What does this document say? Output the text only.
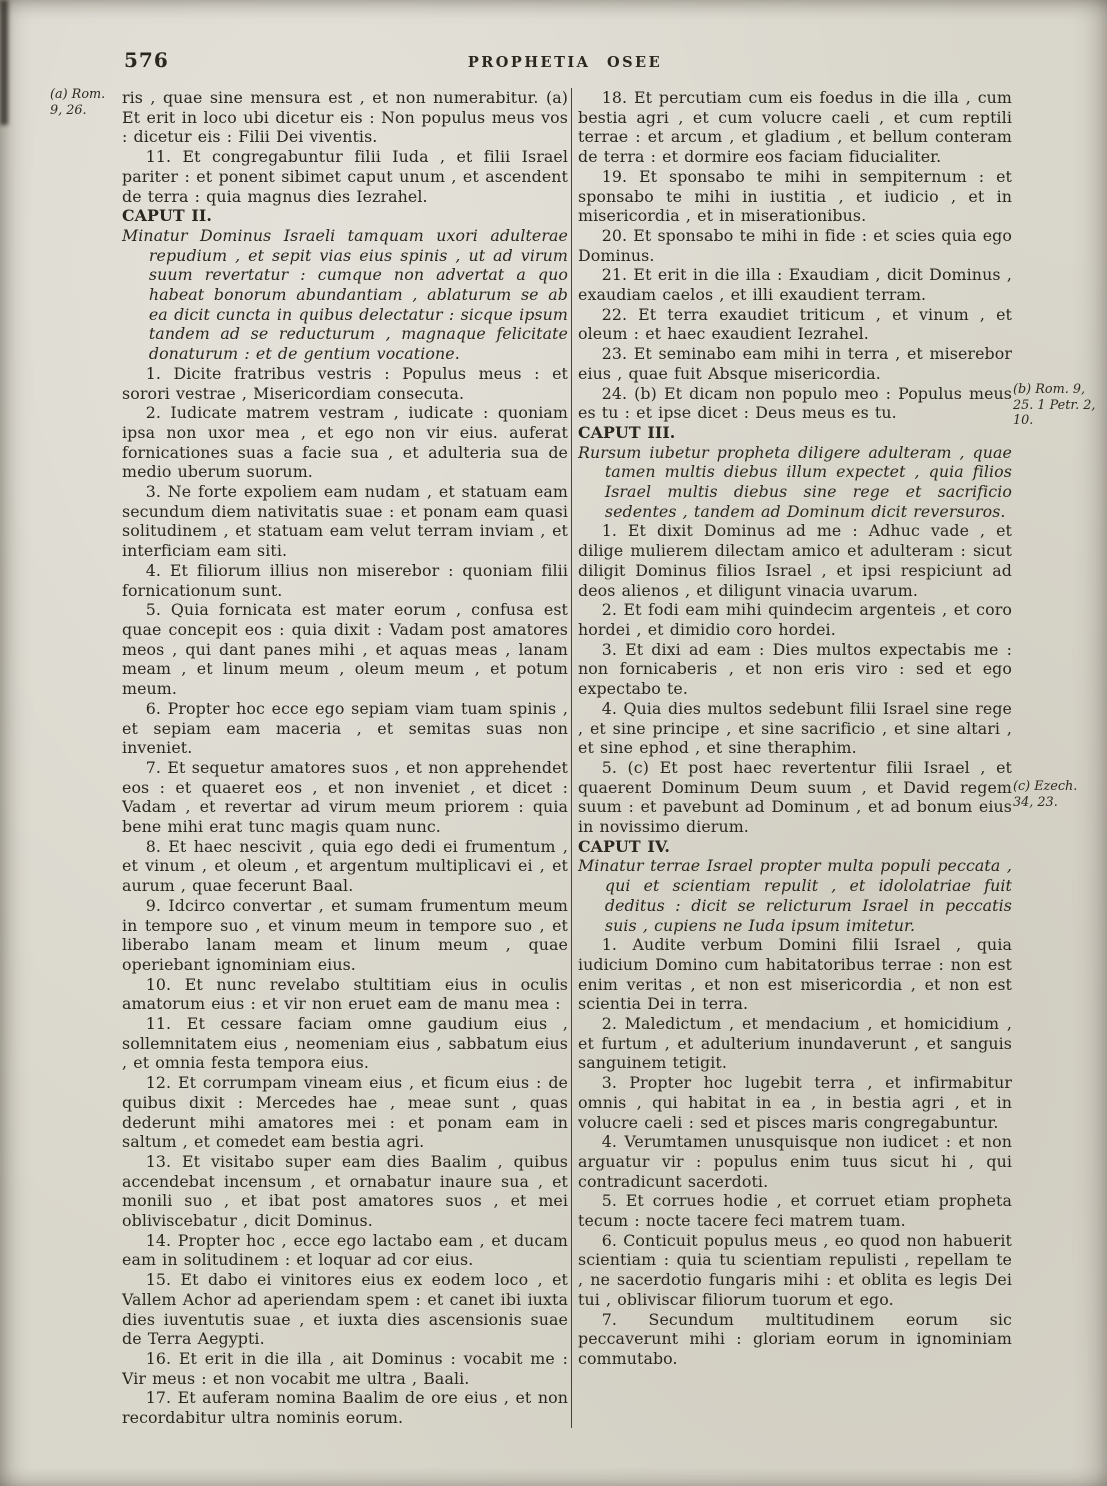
576	PROPHETIA OSEE
(a) Rom.
9, 26.
(b) Rom. 9,
25. 1 Petr. 2,
10.
(c) Ezech.
34, 23.

ris , quae sine mensura est , et non numerabitur. (a) Et erit in loco ubi dicetur eis : Non populus meus vos : dicetur eis : Filii Dei viventis.

11. Et congregabuntur filii Iuda , et filii Israel pariter : et ponent sibimet caput unum , et ascendent de terra : quia magnus dies Iezrahel.

CAPUT II.

Minatur Dominus Israeli tamquam uxori adulterae repudium , et sepit vias eius spinis , ut ad virum suum revertatur : cumque non advertat a quo habeat bonorum abundantiam , ablaturum se ab ea dicit cuncta in quibus delectatur : sicque ipsum tandem ad se reducturum , magnaque felicitate donaturum : et de gentium vocatione.

1. Dicite fratribus vestris : Populus meus : et sorori vestrae , Misericordiam consecuta.

2. Iudicate matrem vestram , iudicate : quoniam ipsa non uxor mea , et ego non vir eius. auferat fornicationes suas a facie sua , et adulteria sua de medio uberum suorum.

3. Ne forte expoliem eam nudam , et statuam eam secundum diem nativitatis suae : et ponam eam quasi solitudinem , et statuam eam velut terram inviam , et interficiam eam siti.

4. Et filiorum illius non miserebor : quoniam filii fornicationum sunt.

5. Quia fornicata est mater eorum , confusa est quae concepit eos : quia dixit : Vadam post amatores meos , qui dant panes mihi , et aquas meas , lanam meam , et linum meum , oleum meum , et potum meum.

6. Propter hoc ecce ego sepiam viam tuam spinis , et sepiam eam maceria , et semitas suas non inveniet.

7. Et sequetur amatores suos , et non apprehendet eos : et quaeret eos , et non inveniet , et dicet : Vadam , et revertar ad virum meum priorem : quia bene mihi erat tunc magis quam nunc.

8. Et haec nescivit , quia ego dedi ei frumentum , et vinum , et oleum , et argentum multiplicavi ei , et aurum , quae fecerunt Baal.

9. Idcirco convertar , et sumam frumentum meum in tempore suo , et vinum meum in tempore suo , et liberabo lanam meam et linum meum , quae operiebant ignominiam eius.

10. Et nunc revelabo stultitiam eius in oculis amatorum eius : et vir non eruet eam de manu mea :

11. Et cessare faciam omne gaudium eius , sollemnitatem eius , neomeniam eius , sabbatum eius , et omnia festa tempora eius.

12. Et corrumpam vineam eius , et ficum eius : de quibus dixit : Mercedes hae , meae sunt , quas dederunt mihi amatores mei : et ponam eam in saltum , et comedet eam bestia agri.

13. Et visitabo super eam dies Baalim , quibus accendebat incensum , et ornabatur inaure sua , et monili suo , et ibat post amatores suos , et mei obliviscebatur , dicit Dominus.

14. Propter hoc , ecce ego lactabo eam , et ducam eam in solitudinem : et loquar ad cor eius.

15. Et dabo ei vinitores eius ex eodem loco , et Vallem Achor ad aperiendam spem : et canet ibi iuxta dies iuventutis suae , et iuxta dies ascensionis suae de Terra Aegypti.

16. Et erit in die illa , ait Dominus : vocabit me : Vir meus : et non vocabit me ultra , Baali.

17. Et auferam nomina Baalim de ore eius , et non recordabitur ultra nominis eorum.

18. Et percutiam cum eis foedus in die illa , cum bestia agri , et cum volucre caeli , et cum reptili terrae : et arcum , et gladium , et bellum conteram de terra : et dormire eos faciam fiducialiter.

19. Et sponsabo te mihi in sempiternum : et sponsabo te mihi in iustitia , et iudicio , et in misericordia , et in miserationibus.

20. Et sponsabo te mihi in fide : et scies quia ego Dominus.

21. Et erit in die illa : Exaudiam , dicit Dominus , exaudiam caelos , et illi exaudient terram.

22. Et terra exaudiet triticum , et vinum , et oleum : et haec exaudient Iezrahel.

23. Et seminabo eam mihi in terra , et miserebor eius , quae fuit Absque misericordia.

24. (b) Et dicam non populo meo : Populus meus es tu : et ipse dicet : Deus meus es tu.

CAPUT III.

Rursum iubetur propheta diligere adulteram , quae tamen multis diebus illum expectet , quia filios Israel multis diebus sine rege et sacrificio sedentes , tandem ad Dominum dicit reversuros.

1. Et dixit Dominus ad me : Adhuc vade , et dilige mulierem dilectam amico et adulteram : sicut diligit Dominus filios Israel , et ipsi respiciunt ad deos alienos , et diligunt vinacia uvarum.

2. Et fodi eam mihi quindecim argenteis , et coro hordei , et dimidio coro hordei.

3. Et dixi ad eam : Dies multos expectabis me : non fornicaberis , et non eris viro : sed et ego expectabo te.

4. Quia dies multos sedebunt filii Israel sine rege , et sine principe , et sine sacrificio , et sine altari , et sine ephod , et sine theraphim.

5. (c) Et post haec revertentur filii Israel , et quaerent Dominum Deum suum , et David regem suum : et pavebunt ad Dominum , et ad bonum eius in novissimo dierum.

CAPUT IV.

Minatur terrae Israel propter multa populi peccata , qui et scientiam repulit , et idololatriae fuit deditus : dicit se relicturum Israel in peccatis suis , cupiens ne Iuda ipsum imitetur.

1. Audite verbum Domini filii Israel , quia iudicium Domino cum habitatoribus terrae : non est enim veritas , et non est misericordia , et non est scientia Dei in terra.

2. Maledictum , et mendacium , et homicidium , et furtum , et adulterium inundaverunt , et sanguis sanguinem tetigit.

3. Propter hoc lugebit terra , et infirmabitur omnis , qui habitat in ea , in bestia agri , et in volucre caeli : sed et pisces maris congregabuntur.

4. Verumtamen unusquisque non iudicet : et non arguatur vir : populus enim tuus sicut hi , qui contradicunt sacerdoti.

5. Et corrues hodie , et corruet etiam propheta tecum : nocte tacere feci matrem tuam.

6. Conticuit populus meus , eo quod non habuerit scientiam : quia tu scientiam repulisti , repellam te , ne sacerdotio fungaris mihi : et oblita es legis Dei tui , obliviscar filiorum tuorum et ego.

7. Secundum multitudinem eorum sic peccaverunt mihi : gloriam eorum in ignominiam commutabo.
